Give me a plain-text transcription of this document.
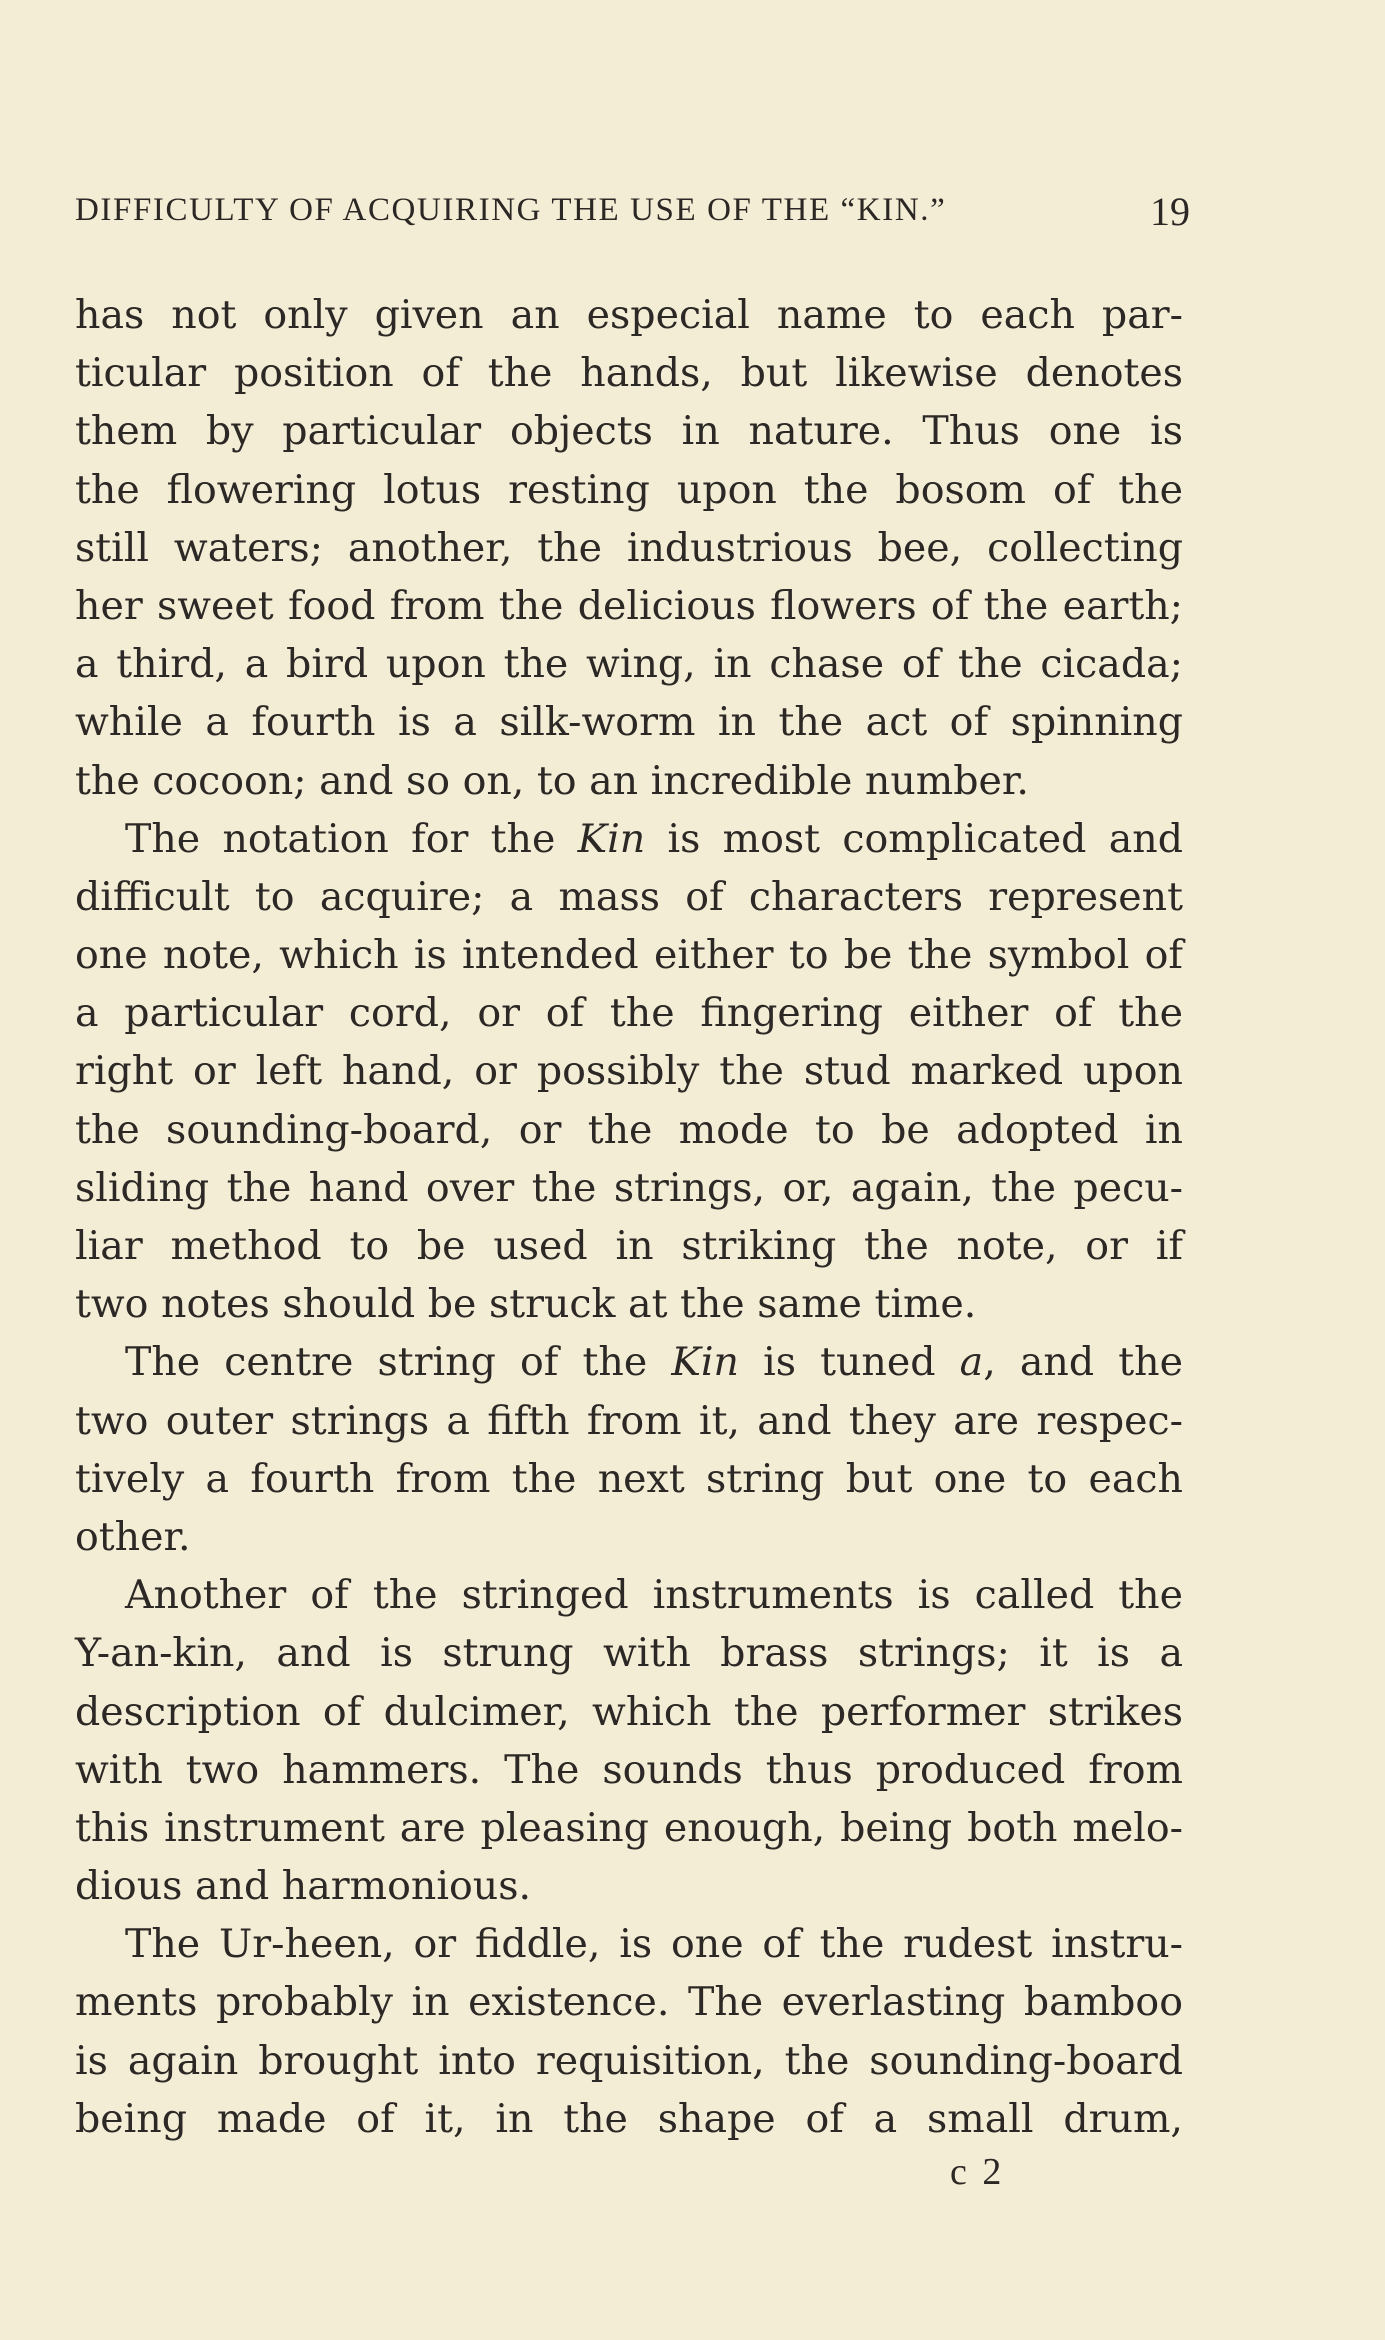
DIFFICULTY OF ACQUIRING THE USE OF THE “KIN.”	19
has not only given an especial name to each par-
ticular position of the hands, but likewise denotes
them by particular objects in nature. Thus one is
the flowering lotus resting upon the bosom of the
still waters; another, the industrious bee, collecting
her sweet food from the delicious flowers of the earth;
a third, a bird upon the wing, in chase of the cicada;
while a fourth is a silk-worm in the act of spinning
the cocoon; and so on, to an incredible number.
The notation for the Kin is most complicated and
difficult to acquire; a mass of characters represent
one note, which is intended either to be the symbol of
a particular cord, or of the fingering either of the
right or left hand, or possibly the stud marked upon
the sounding-board, or the mode to be adopted in
sliding the hand over the strings, or, again, the pecu-
liar method to be used in striking the note, or if
two notes should be struck at the same time.
The centre string of the Kin is tuned a, and the
two outer strings a fifth from it, and they are respec-
tively a fourth from the next string but one to each
other.
Another of the stringed instruments is called the
Y-an-kin, and is strung with brass strings; it is a
description of dulcimer, which the performer strikes
with two hammers. The sounds thus produced from
this instrument are pleasing enough, being both melo-
dious and harmonious.
The Ur-heen, or fiddle, is one of the rudest instru-
ments probably in existence. The everlasting bamboo
is again brought into requisition, the sounding-board
being made of it, in the shape of a small drum,
c 2
